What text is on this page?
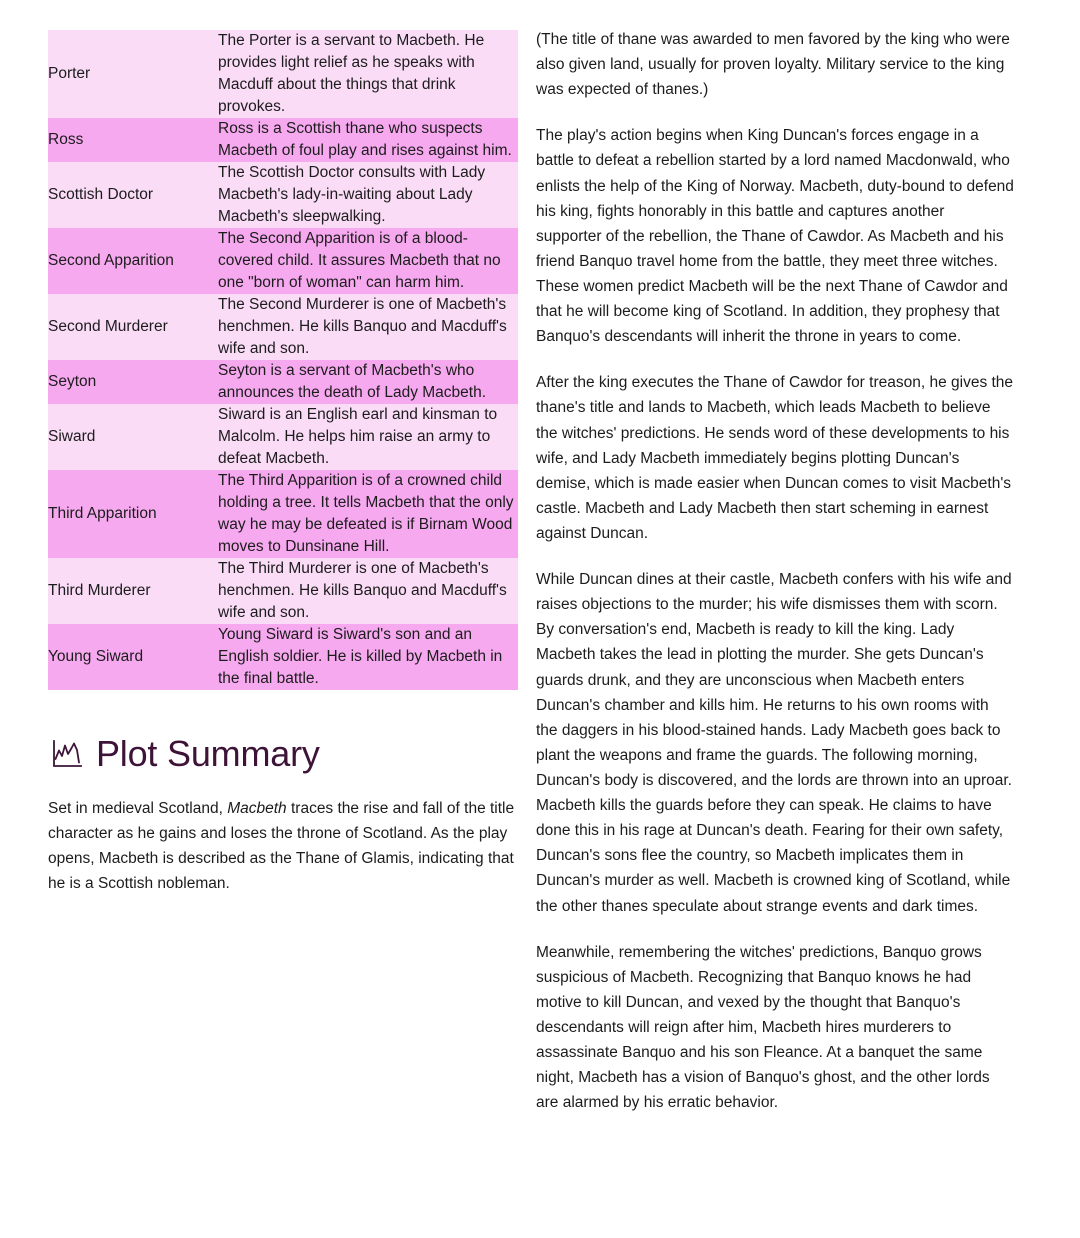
Porter	The Porter is a servant to Macbeth. He provides light relief as he speaks with Macduff about the things that drink provokes.
Ross	Ross is a Scottish thane who suspects Macbeth of foul play and rises against him.
Scottish Doctor	The Scottish Doctor consults with Lady Macbeth's lady-in-waiting about Lady Macbeth's sleepwalking.
Second Apparition	The Second Apparition is of a blood-covered child. It assures Macbeth that no one "born of woman" can harm him.
Second Murderer	The Second Murderer is one of Macbeth's henchmen. He kills Banquo and Macduff's wife and son.
Seyton	Seyton is a servant of Macbeth's who announces the death of Lady Macbeth.
Siward	Siward is an English earl and kinsman to Malcolm. He helps him raise an army to defeat Macbeth.
Third Apparition	The Third Apparition is of a crowned child holding a tree. It tells Macbeth that the only way he may be defeated is if Birnam Wood moves to Dunsinane Hill.
Third Murderer	The Third Murderer is one of Macbeth's henchmen. He kills Banquo and Macduff's wife and son.
Young Siward	Young Siward is Siward's son and an English soldier. He is killed by Macbeth in the final battle.
Plot Summary

Set in medieval Scotland, Macbeth traces the rise and fall of the title character as he gains and loses the throne of Scotland. As the play opens, Macbeth is described as the Thane of Glamis, indicating that he is a Scottish nobleman.

(The title of thane was awarded to men favored by the king who were also given land, usually for proven loyalty. Military service to the king was expected of thanes.)

The play's action begins when King Duncan's forces engage in a battle to defeat a rebellion started by a lord named Macdonwald, who enlists the help of the King of Norway. Macbeth, duty-bound to defend his king, fights honorably in this battle and captures another supporter of the rebellion, the Thane of Cawdor. As Macbeth and his friend Banquo travel home from the battle, they meet three witches. These women predict Macbeth will be the next Thane of Cawdor and that he will become king of Scotland. In addition, they prophesy that Banquo's descendants will inherit the throne in years to come.

After the king executes the Thane of Cawdor for treason, he gives the thane's title and lands to Macbeth, which leads Macbeth to believe the witches' predictions. He sends word of these developments to his wife, and Lady Macbeth immediately begins plotting Duncan's demise, which is made easier when Duncan comes to visit Macbeth's castle. Macbeth and Lady Macbeth then start scheming in earnest against Duncan.

While Duncan dines at their castle, Macbeth confers with his wife and raises objections to the murder; his wife dismisses them with scorn. By conversation's end, Macbeth is ready to kill the king. Lady Macbeth takes the lead in plotting the murder. She gets Duncan's guards drunk, and they are unconscious when Macbeth enters Duncan's chamber and kills him. He returns to his own rooms with the daggers in his blood-stained hands. Lady Macbeth goes back to plant the weapons and frame the guards. The following morning, Duncan's body is discovered, and the lords are thrown into an uproar. Macbeth kills the guards before they can speak. He claims to have done this in his rage at Duncan's death. Fearing for their own safety, Duncan's sons flee the country, so Macbeth implicates them in Duncan's murder as well. Macbeth is crowned king of Scotland, while the other thanes speculate about strange events and dark times.

Meanwhile, remembering the witches' predictions, Banquo grows suspicious of Macbeth. Recognizing that Banquo knows he had motive to kill Duncan, and vexed by the thought that Banquo's descendants will reign after him, Macbeth hires murderers to assassinate Banquo and his son Fleance. At a banquet the same night, Macbeth has a vision of Banquo's ghost, and the other lords are alarmed by his erratic behavior.
